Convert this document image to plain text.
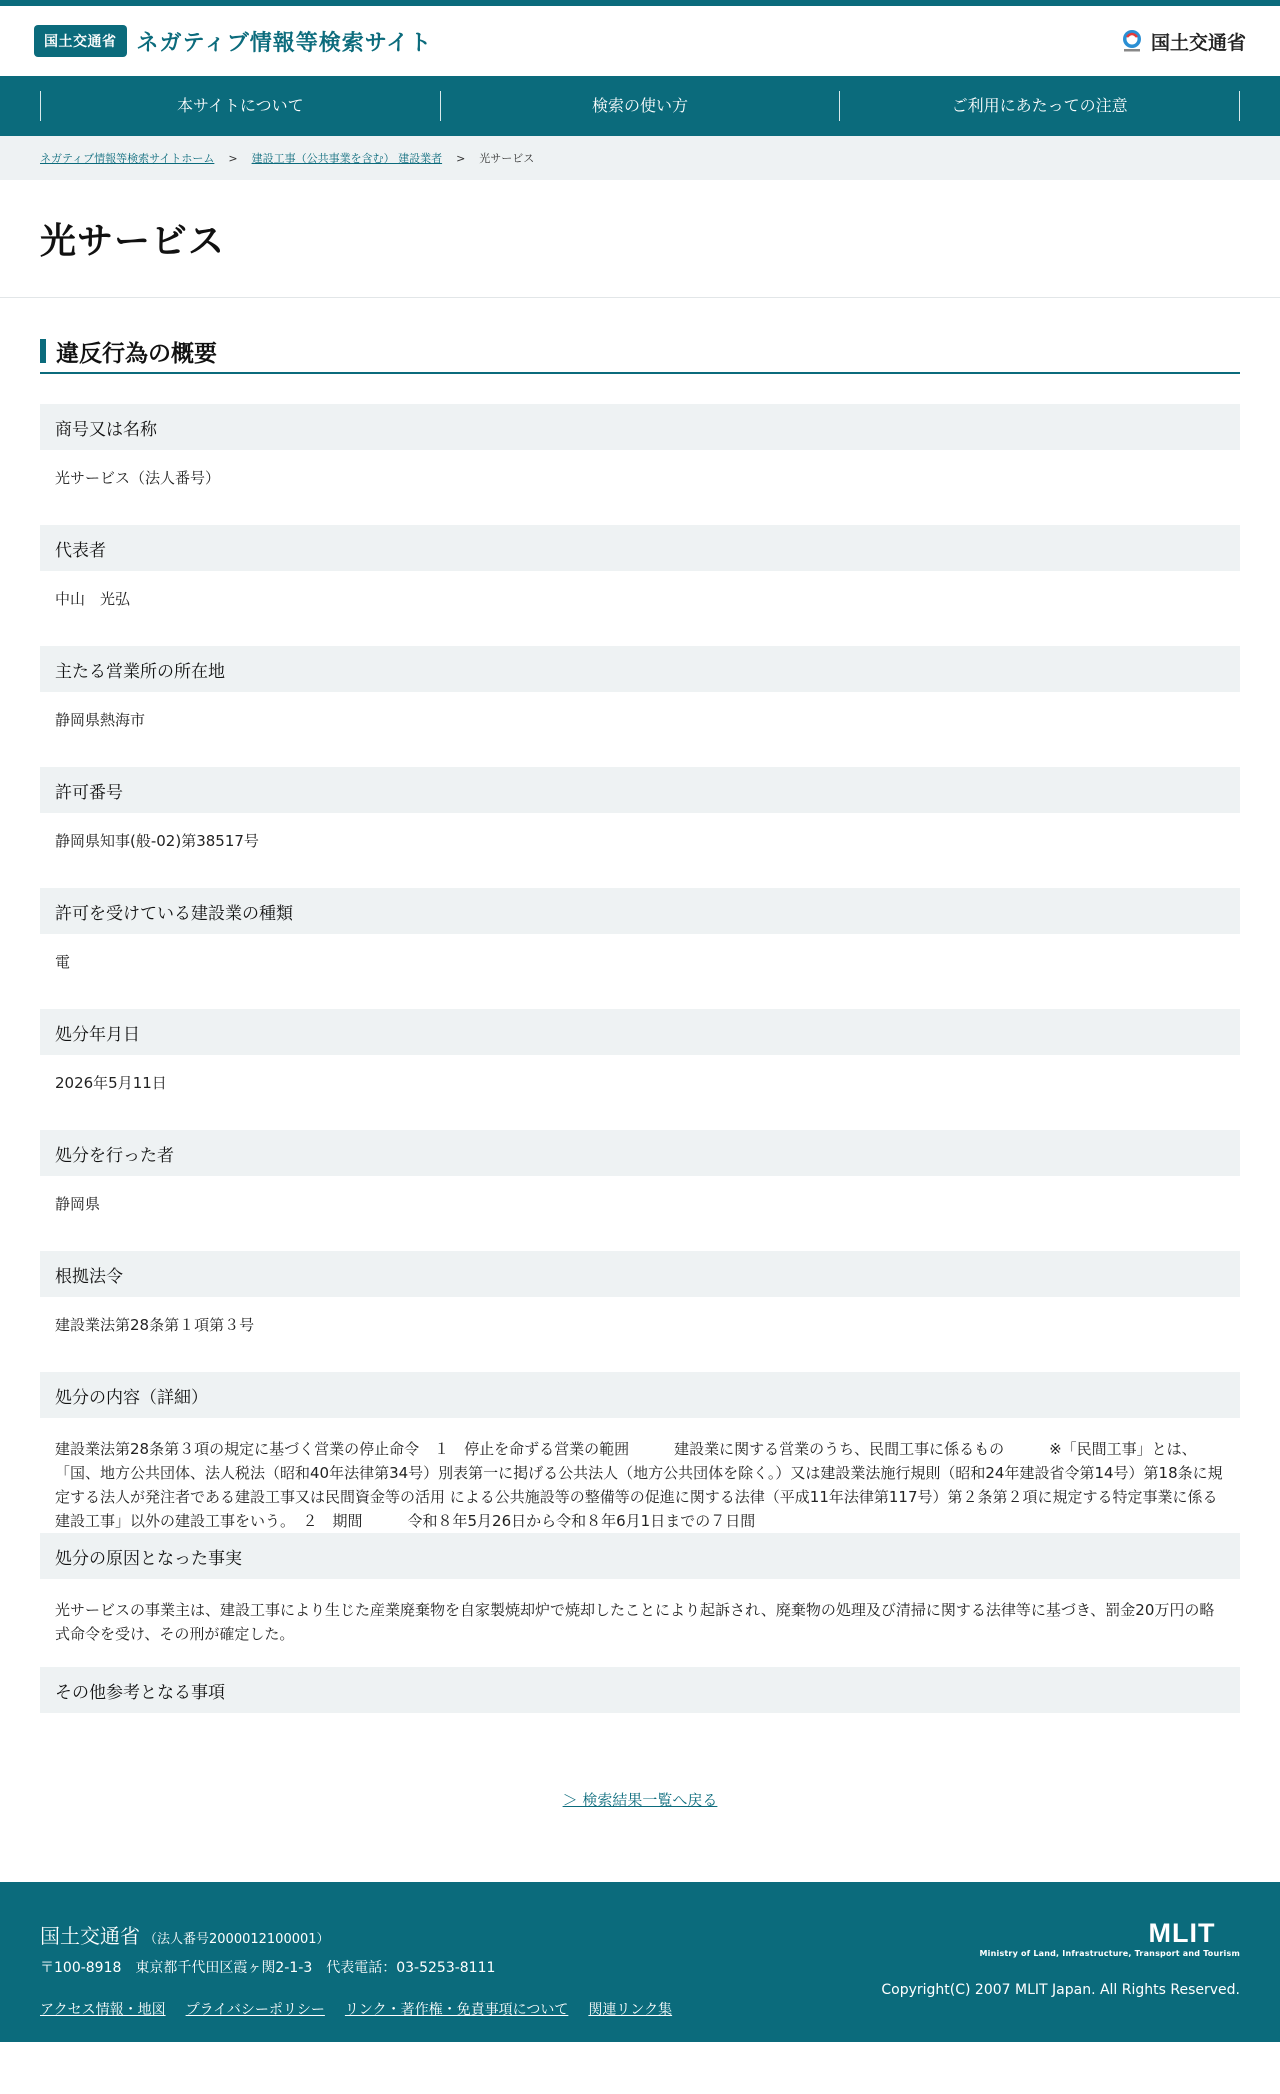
国土交通省 ネガティブ情報等検索サイト	国土交通省
本サイトについて	検索の使い方	ご利用にあたっての注意
ネガティブ情報等検索サイトホーム > 建設工事（公共事業を含む） 建設業者 > 光サービス
光サービス
違反行為の概要
商号又は名称
光サービス（法人番号）
代表者
中山　光弘
主たる営業所の所在地
静岡県熱海市
許可番号
静岡県知事(般-02)第38517号
許可を受けている建設業の種類
電
処分年月日
2026年5月11日
処分を行った者
静岡県
根拠法令
建設業法第28条第１項第３号
処分の内容（詳細）
建設業法第28条第３項の規定に基づく営業の停止命令　１　停止を命ずる営業の範囲　　　建設業に関する営業のうち、民間工事に係るもの　　　※「民間工事」とは、「国、地方公共団体、法人税法（昭和40年法律第34号）別表第一に掲げる公共法人（地方公共団体を除く。）又は建設業法施行規則（昭和24年建設省令第14号）第18条に規定する法人が発注者である建設工事又は民間資金等の活用 による公共施設等の整備等の促進に関する法律（平成11年法律第117号）第２条第２項に規定する特定事業に係る建設工事」以外の建設工事をいう。　２　期間　　　令和８年5月26日から令和８年6月1日までの７日間
処分の原因となった事実
光サービスの事業主は、建設工事により生じた産業廃棄物を自家製焼却炉で焼却したことにより起訴され、廃棄物の処理及び清掃に関する法律等に基づき、罰金20万円の略式命令を受け、その刑が確定した。
その他参考となる事項
＞ 検索結果一覧へ戻る
国土交通省 （法人番号2000012100001）
〒100-8918　東京都千代田区霞ヶ関2-1-3　代表電話：03-5253-8111
アクセス情報・地図 プライバシーポリシー リンク・著作権・免責事項について 関連リンク集
MLIT
Ministry of Land, Infrastructure, Transport and Tourism
Copyright(C) 2007 MLIT Japan. All Rights Reserved.
